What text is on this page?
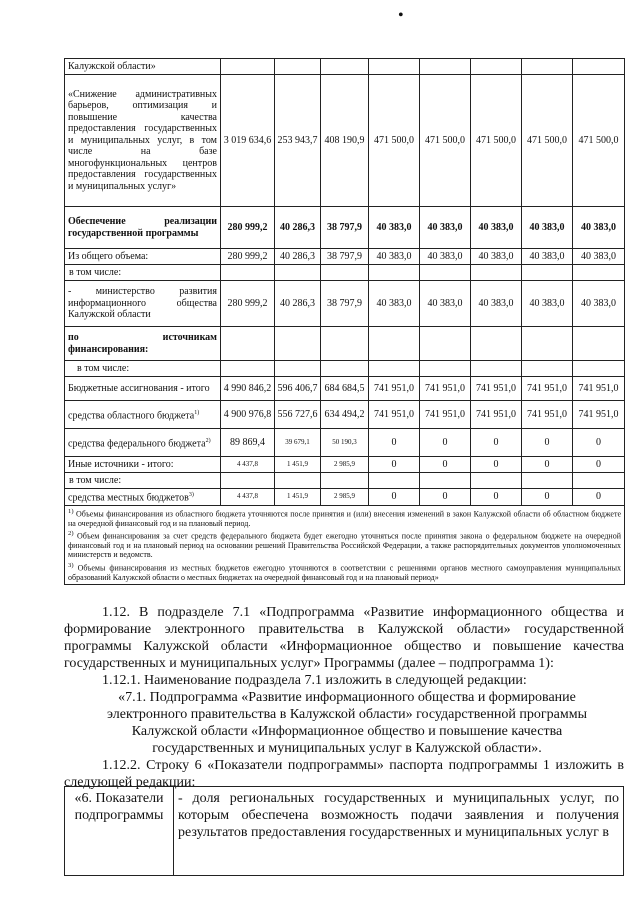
•
Калужской области»								
«Снижение административных барьеров, оптимизация и повышение качества предоставления государственных и муниципальных услуг, в том числе на базе многофункциональных центров предоставления государственных и муниципальных услуг»	3 019 634,6	253 943,7	408 190,9	471 500,0	471 500,0	471 500,0	471 500,0	471 500,0
Обеспечение реализации государственной программы	280 999,2	40 286,3	38 797,9	40 383,0	40 383,0	40 383,0	40 383,0	40 383,0
Из общего объема:	280 999,2	40 286,3	38 797,9	40 383,0	40 383,0	40 383,0	40 383,0	40 383,0
в том числе:								
- министерство развития информационного общества Калужской области	280 999,2	40 286,3	38 797,9	40 383,0	40 383,0	40 383,0	40 383,0	40 383,0
по источникам финансирования:								
в том числе:								
Бюджетные ассигнования - итого	4 990 846,2	596 406,7	684 684,5	741 951,0	741 951,0	741 951,0	741 951,0	741 951,0
средства областного бюджета$^{1)}$	4 900 976,8	556 727,6	634 494,2	741 951,0	741 951,0	741 951,0	741 951,0	741 951,0
средства федерального бюджета$^{2)}$	89 869,4	39 679,1	50 190,3	0	0	0	0	0
Иные источники - итого:	4 437,8	1 451,9	2 985,9	0	0	0	0	0
в том числе:								
средства местных бюджетов$^{3)}$	4 437,8	1 451,9	2 985,9	0	0	0	0	0

$^{1)}$ Объемы финансирования из областного бюджета уточняются после принятия и (или) внесения изменений в закон Калужской области об областном бюджете на очередной финансовый год и на плановый период.

$^{2)}$ Объем финансирования за счет средств федерального бюджета будет ежегодно уточняться после принятия закона о федеральном бюджете на очередной финансовый год и на плановый период на основании решений Правительства Российской Федерации, а также распорядительных документов уполномоченных министерств и ведомств.

$^{3)}$ Объемы финансирования из местных бюджетов ежегодно уточняются в соответствии с решениями органов местного самоуправления муниципальных образований Калужской области о местных бюджетах на очередной финансовый год и на плановый период»								

1.12. В подразделе 7.1 «Подпрограмма «Развитие информационного общества и формирование электронного правительства в Калужской области» государственной программы Калужской области «Информационное общество и повышение качества государственных и муниципальных услуг» Программы (далее – подпрограмма 1):

1.12.1. Наименование подраздела 7.1 изложить в следующей редакции:

«7.1. Подпрограмма «Развитие информационного общества и формирование электронного правительства в Калужской области» государственной программы Калужской области «Информационное общество и повышение качества государственных и муниципальных услуг в Калужской области».

1.12.2. Строку 6 «Показатели подпрограммы» паспорта подпрограммы 1 изложить в следующей редакции:

«6. Показатели подпрограммы	- доля региональных государственных и муниципальных услуг, по которым обеспечена возможность подачи заявления и получения результатов предоставления государственных и муниципальных услуг в
